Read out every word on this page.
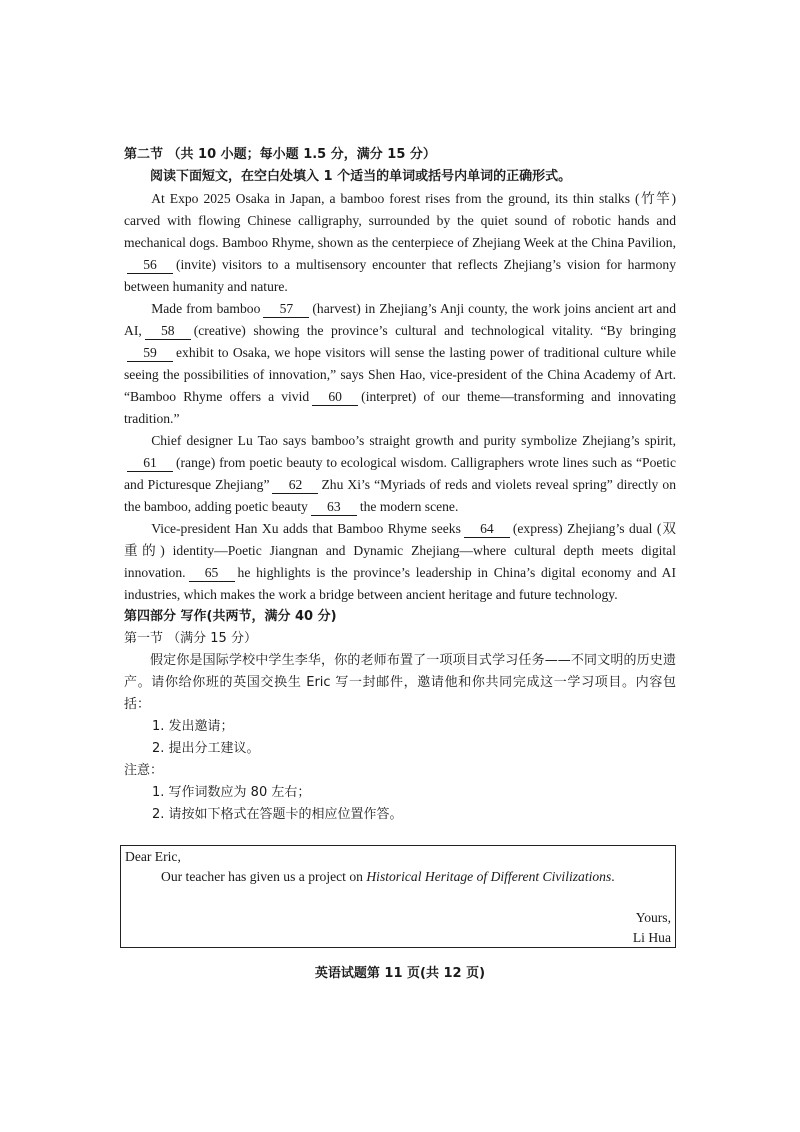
第二节 （共 10 小题；每小题 1.5 分，满分 15 分）

阅读下面短文，在空白处填入 1 个适当的单词或括号内单词的正确形式。

At Expo 2025 Osaka in Japan, a bamboo forest rises from the ground, its thin stalks (竹竿) carved with flowing Chinese calligraphy, surrounded by the quiet sound of robotic hands and mechanical dogs. Bamboo Rhyme, shown as the centerpiece of Zhejiang Week at the China Pavilion,56 (invite) visitors to a multisensory encounter that reflects Zhejiang’s vision for harmony between humanity and nature.

Made from bamboo 57 (harvest) in Zhejiang’s Anji county, the work joins ancient art and AI, 58 (creative) showing the province’s cultural and technological vitality. “By bringing59 exhibit to Osaka, we hope visitors will sense the lasting power of traditional culture while seeing the possibilities of innovation,” says Shen Hao, vice-president of the China Academy of Art. “Bamboo Rhyme offers a vivid 60 (interpret) of our theme—transforming and innovating tradition.”

Chief designer Lu Tao says bamboo’s straight growth and purity symbolize Zhejiang’s spirit,61 (range) from poetic beauty to ecological wisdom. Calligraphers wrote lines such as “Poetic and Picturesque Zhejiang” 62 Zhu Xi’s “Myriads of reds and violets reveal spring” directly on the bamboo, adding poetic beauty 63 the modern scene.

Vice-president Han Xu adds that Bamboo Rhyme seeks 64 (express) Zhejiang’s dual (双重的) identity—Poetic Jiangnan and Dynamic Zhejiang—where cultural depth meets digital innovation. 65 he highlights is the province’s leadership in China’s digital economy and AI industries, which makes the work a bridge between ancient heritage and future technology.

第四部分 写作(共两节，满分 40 分)
第一节 （满分 15 分）

假定你是国际学校中学生李华，你的老师布置了一项项目式学习任务——不同文明的历史遗产。请你给你班的英国交换生 Eric 写一封邮件，邀请他和你共同完成这一学习项目。内容包括：

1. 发出邀请；
2. 提出分工建议。
注意：
1. 写作词数应为 80 左右；
2. 请按如下格式在答题卡的相应位置作答。
Dear Eric,
Our teacher has given us a project on Historical Heritage of Different Civilizations.
Yours,
Li Hua
英语试题第 11 页(共 12 页)
